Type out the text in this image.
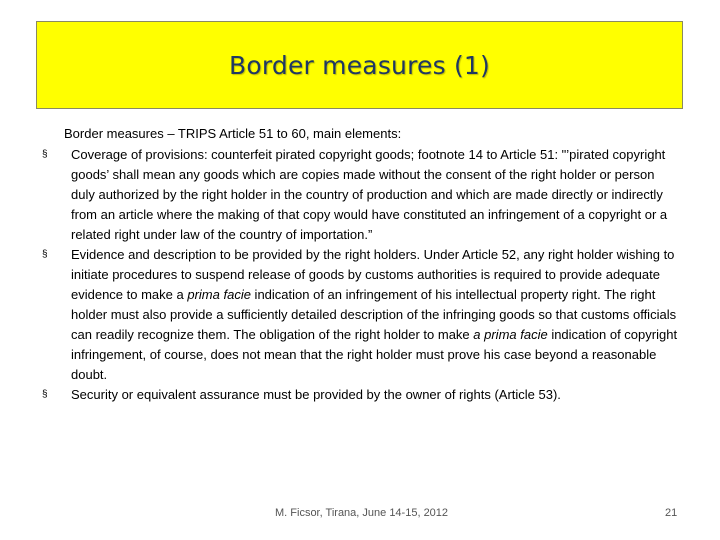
Border measures (1)
Border measures – TRIPS Article 51 to 60, main elements:
§ Coverage of provisions: counterfeit pirated copyright goods; footnote 14 to Article 51: "’pirated copyright goods’ shall mean any goods which are copies made without the consent of the right holder or person duly authorized by the right holder in the country of production and which are made directly or indirectly from an article where the making of that copy would have constituted an infringement of a copyright or a related right under law of the country of importation.”
§ Evidence and description to be provided by the right holders. Under Article 52, any right holder wishing to initiate procedures to suspend release of goods by customs authorities is required to provide adequate evidence to make a prima facie indication of an infringement of his intellectual property right. The right holder must also provide a sufficiently detailed description of the infringing goods so that customs officials can readily recognize them. The obligation of the right holder to make a prima facie indication of copyright infringement, of course, does not mean that the right holder must prove his case beyond a reasonable doubt.
§ Security or equivalent assurance must be provided by the owner of rights (Article 53).
M. Ficsor, Tirana, June 14-15, 2012	21
